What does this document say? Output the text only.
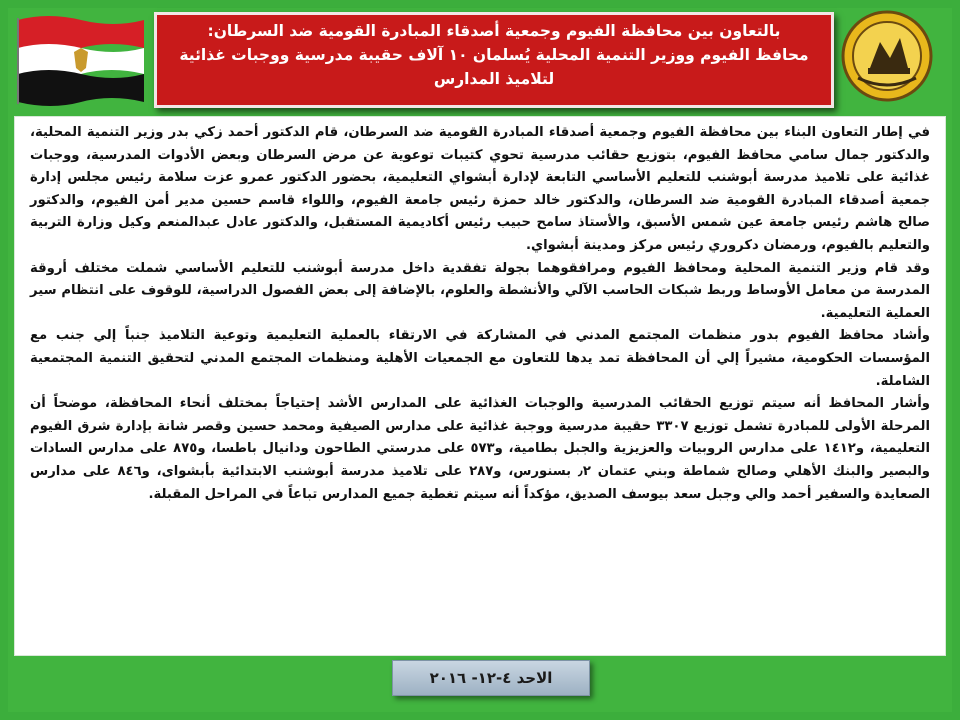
بالتعاون بين محافظة الفيوم وجمعية أصدقاء المبادرة القومية ضد السرطان:
محافظ الفيوم ووزير التنمية المحلية يُسلمان ١٠ آلاف حقيبة مدرسية ووجبات غذائية
لتلاميذ المدارس

في إطار التعاون البناء بين محافظة الفيوم وجمعية أصدقاء المبادرة القومية ضد السرطان، قام الدكتور أحمد زكي بدر وزير التنمية المحلية، والدكتور جمال سامي محافظ الفيوم، بتوزيع حقائب مدرسية تحوي كتيبات توعوية عن مرض السرطان وبعض الأدوات المدرسية، ووجبات غذائية على تلاميذ مدرسة أبوشنب للتعليم الأساسي التابعة لإدارة أبشواي التعليمية، بحضور الدكتور عمرو عزت سلامة رئيس مجلس إدارة جمعية أصدقاء المبادرة القومية ضد السرطان، والدكتور خالد حمزة رئيس جامعة الفيوم، واللواء قاسم حسين مدير أمن الفيوم، والدكتور صالح هاشم رئيس جامعة عين شمس الأسبق، والأستاذ سامح حبيب رئيس أكاديمية المستقبل، والدكتور عادل عبدالمنعم وكيل وزارة التربية والتعليم بالفيوم، ورمضان دكروري رئيس مركز ومدينة أبشواي.

وقد قام وزير التنمية المحلية ومحافظ الفيوم ومرافقوهما بجولة تفقدية داخل مدرسة أبوشنب للتعليم الأساسي شملت مختلف أروقة المدرسة من معامل الأوساط وربط شبكات الحاسب الآلي والأنشطة والعلوم، بالإضافة إلى بعض الفصول الدراسية، للوقوف على انتظام سير العملية التعليمية.

وأشاد محافظ الفيوم بدور منظمات المجتمع المدني في المشاركة في الارتقاء بالعملية التعليمية وتوعية التلاميذ جنباً إلي جنب مع المؤسسات الحكومية، مشيراً إلي أن المحافظة تمد يدها للتعاون مع الجمعيات الأهلية ومنظمات المجتمع المدني لتحقيق التنمية المجتمعية الشاملة.

وأشار المحافظ أنه سيتم توزيع الحقائب المدرسية والوجبات الغذائية على المدارس الأشد إحتياجاً بمختلف أنحاء المحافظة، موضحاً أن المرحلة الأولى للمبادرة تشمل توزيع ٣٣٠٧ حقيبة مدرسية ووجبة غذائية على مدارس الصيفية ومحمد حسين وقصر شانة بإدارة شرق الفيوم التعليمية، و١٤١٢ على مدارس الروبيات والعزيزية والجبل بطامية، و٥٧٣ على مدرستي الطاحون ودانيال باطسا، و٨٧٥ على مدارس السادات والبصير والبنك الأهلي وصالح شماطة وبني عتمان ٫٢ بسنورس، و٢٨٧ على تلاميذ مدرسة أبوشنب الابتدائية بأبشواى، و٨٤٦ على مدارس الصعايدة والسفير أحمد والي وجبل سعد بيوسف الصديق، مؤكداً أنه سيتم تغطية جميع المدارس تباعاً في المراحل المقبلة.

الاحد ٤-١٢- ٢٠١٦
